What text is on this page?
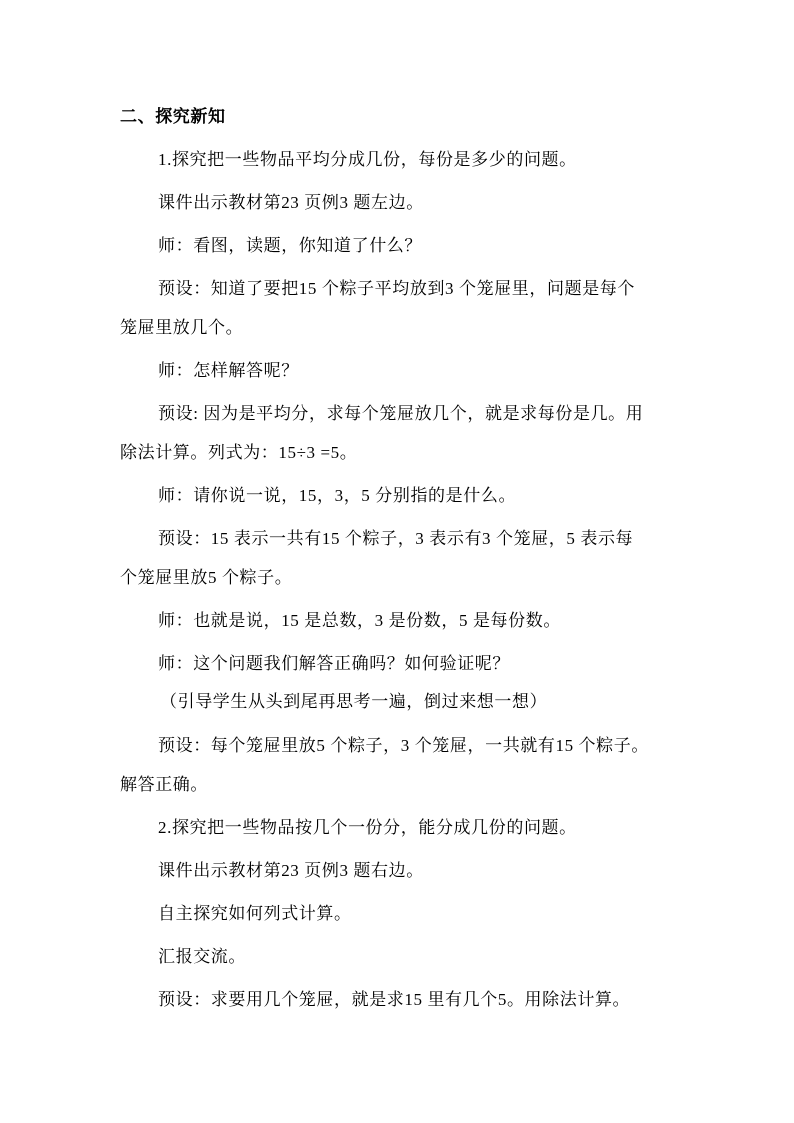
二、探究新知
1.探究把一些物品平均分成几份，每份是多少的问题。
课件出示教材第23 页例3 题左边。
师：看图，读题，你知道了什么？
预设：知道了要把15 个粽子平均放到3 个笼屉里，问题是每个
笼屉里放几个。
师：怎样解答呢？
预设: 因为是平均分，求每个笼屉放几个，就是求每份是几。用
除法计算。列式为：15÷3 =5。
师：请你说一说，15，3，5 分别指的是什么。
预设：15 表示一共有15 个粽子，3 表示有3 个笼屉，5 表示每
个笼屉里放5 个粽子。
师：也就是说，15 是总数，3 是份数，5 是每份数。
师：这个问题我们解答正确吗？如何验证呢？
（引导学生从头到尾再思考一遍，倒过来想一想）
预设：每个笼屉里放5 个粽子，3 个笼屉，一共就有15 个粽子。
解答正确。
2.探究把一些物品按几个一份分，能分成几份的问题。
课件出示教材第23 页例3 题右边。
自主探究如何列式计算。
汇报交流。
预设：求要用几个笼屉，就是求15 里有几个5。用除法计算。
